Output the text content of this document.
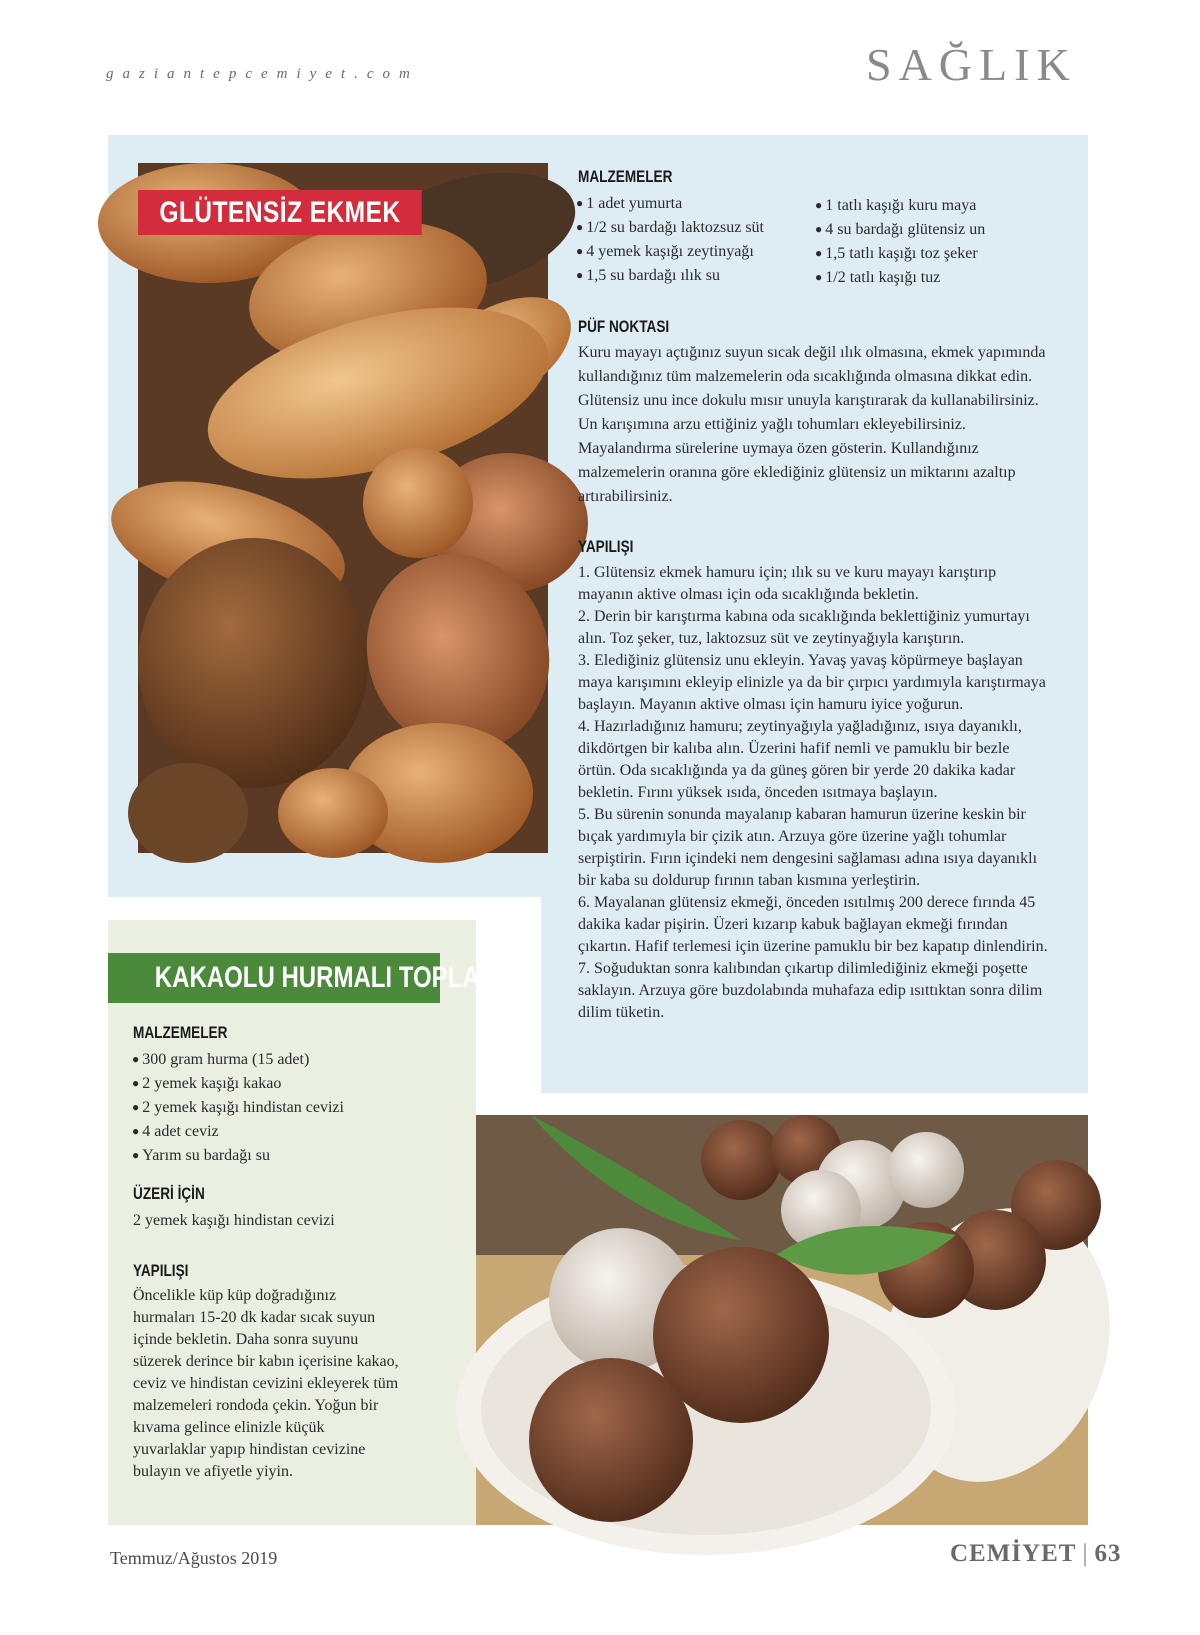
gaziantepcemiyet.com	SAĞLIK
GLÜTENSİZ EKMEK

MALZEMELER

● 1 adet yumurta
● 1/2 su bardağı laktozsuz süt
● 4 yemek kaşığı zeytinyağı
● 1,5 su bardağı ılık su
● 1 tatlı kaşığı kuru maya
● 4 su bardağı glütensiz un
● 1,5 tatlı kaşığı toz şeker
● 1/2 tatlı kaşığı tuz

PÜF NOKTASI

Kuru mayayı açtığınız suyun sıcak değil ılık olmasına, ekmek yapımında kullandığınız tüm malzemelerin oda sıcaklığında olmasına dikkat edin. Glütensiz unu ince dokulu mısır unuyla karıştırarak da kullanabilirsiniz. Un karışımına arzu ettiğiniz yağlı tohumları ekleyebilirsiniz. Mayalandırma sürelerine uymaya özen gösterin. Kullandığınız malzemelerin oranına göre eklediğiniz glütensiz un miktarını azaltıp artırabilirsiniz.

YAPILIŞI

1. Glütensiz ekmek hamuru için; ılık su ve kuru mayayı karıştırıp mayanın aktive olması için oda sıcaklığında bekletin.

2. Derin bir karıştırma kabına oda sıcaklığında beklettiğiniz yumurtayı alın. Toz şeker, tuz, laktozsuz süt ve zeytinyağıyla karıştırın.

3. Elediğiniz glütensiz unu ekleyin. Yavaş yavaş köpürmeye başlayan maya karışımını ekleyip elinizle ya da bir çırpıcı yardımıyla karıştırmaya başlayın. Mayanın aktive olması için hamuru iyice yoğurun.

4. Hazırladığınız hamuru; zeytinyağıyla yağladığınız, ısıya dayanıklı, dikdörtgen bir kalıba alın. Üzerini hafif nemli ve pamuklu bir bezle örtün. Oda sıcaklığında ya da güneş gören bir yerde 20 dakika kadar bekletin. Fırını yüksek ısıda, önceden ısıtmaya başlayın.

5. Bu sürenin sonunda mayalanıp kabaran hamurun üzerine keskin bir bıçak yardımıyla bir çizik atın. Arzuya göre üzerine yağlı tohumlar serpiştirin. Fırın içindeki nem dengesini sağlaması adına ısıya dayanıklı bir kaba su doldurup fırının taban kısmına yerleştirin.

6. Mayalanan glütensiz ekmeği, önceden ısıtılmış 200 derece fırında 45 dakika kadar pişirin. Üzeri kızarıp kabuk bağlayan ekmeği fırından çıkartın. Hafif terlemesi için üzerine pamuklu bir bez kapatıp dinlendirin.

7. Soğuduktan sonra kalıbından çıkartıp dilimlediğiniz ekmeği poşette saklayın. Arzuya göre buzdolabında muhafaza edip ısıttıktan sonra dilim dilim tüketin.

KAKAOLU HURMALI TOPLAR

MALZEMELER

● 300 gram hurma (15 adet)
● 2 yemek kaşığı kakao
● 2 yemek kaşığı hindistan cevizi
● 4 adet ceviz
● Yarım su bardağı su

ÜZERİ İÇİN

2 yemek kaşığı hindistan cevizi

YAPILIŞI

Öncelikle küp küp doğradığınız hurmaları 15-20 dk kadar sıcak suyun içinde bekletin. Daha sonra suyunu süzerek derince bir kabın içerisine kakao, ceviz ve hindistan cevizini ekleyerek tüm malzemeleri rondoda çekin. Yoğun bir kıvama gelince elinizle küçük yuvarlaklar yapıp hindistan cevizine bulayın ve afiyetle yiyin.
Temmuz/Ağustos 2019	CEMİYET | 63
